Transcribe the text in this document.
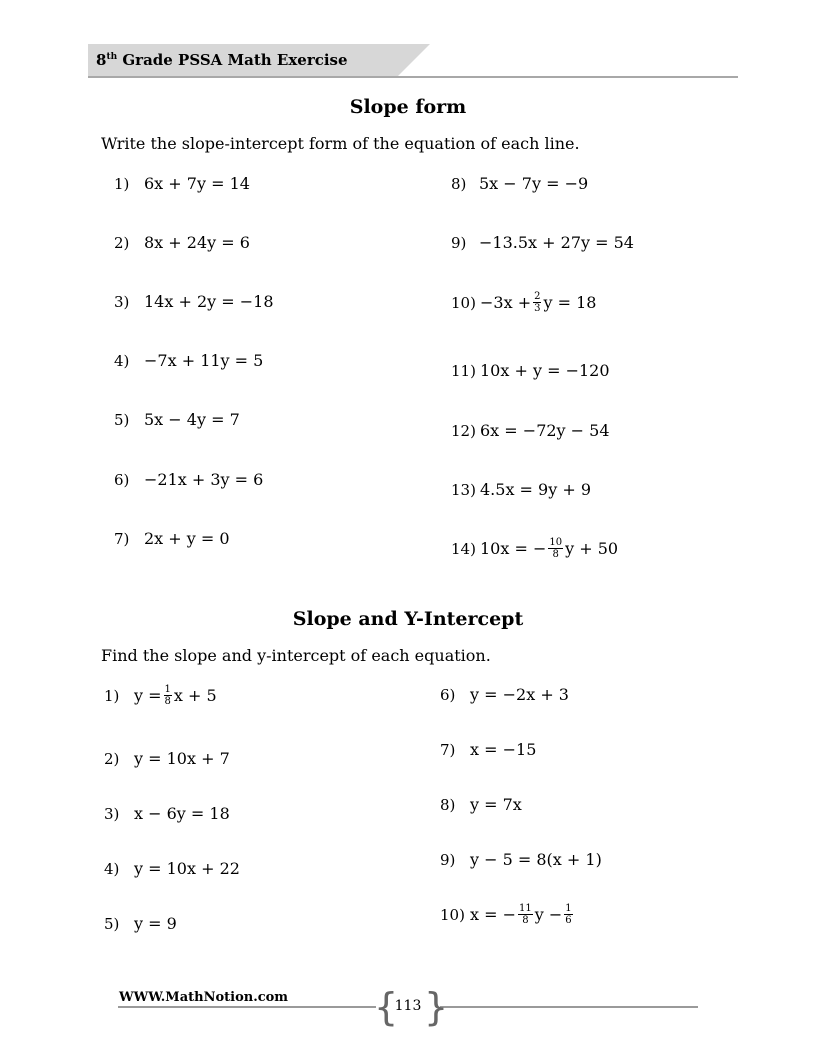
8th Grade PSSA Math Exercise
Slope form
Write the slope-intercept form of the equation of each line.
1) 6x + 7y = 14
2) 8x + 24y = 6
3) 14x + 2y = −18
4) −7x + 11y = 5
5) 5x − 4y = 7
6) −21x + 3y = 6
7) 2x + y = 0
8) 5x − 7y = −9
9) −13.5x + 27y = 54
$10) -3x + \frac{2}{3}$ y = 18
11) 10x + y = −120
12) 6x = −72y − 54
13) 4.5x = 9y + 9
14) 10x = − $\frac{10}{8}$ y + 50
Slope and Y-Intercept
Find the slope and y-intercept of each equation.
1) $y = \frac{1}{8}$ x + 5
2) y = 10x + 7
3) x − 6y = 18
4) y = 10x + 22
5) y = 9
6) y = −2x + 3
7) x = −15
8) y = 7x
9) y − 5 = 8(x + 1)
10) x = − $\frac{11}{8}$ $y - \frac{1}{6}$
WWW.MathNotion.com { }
113
